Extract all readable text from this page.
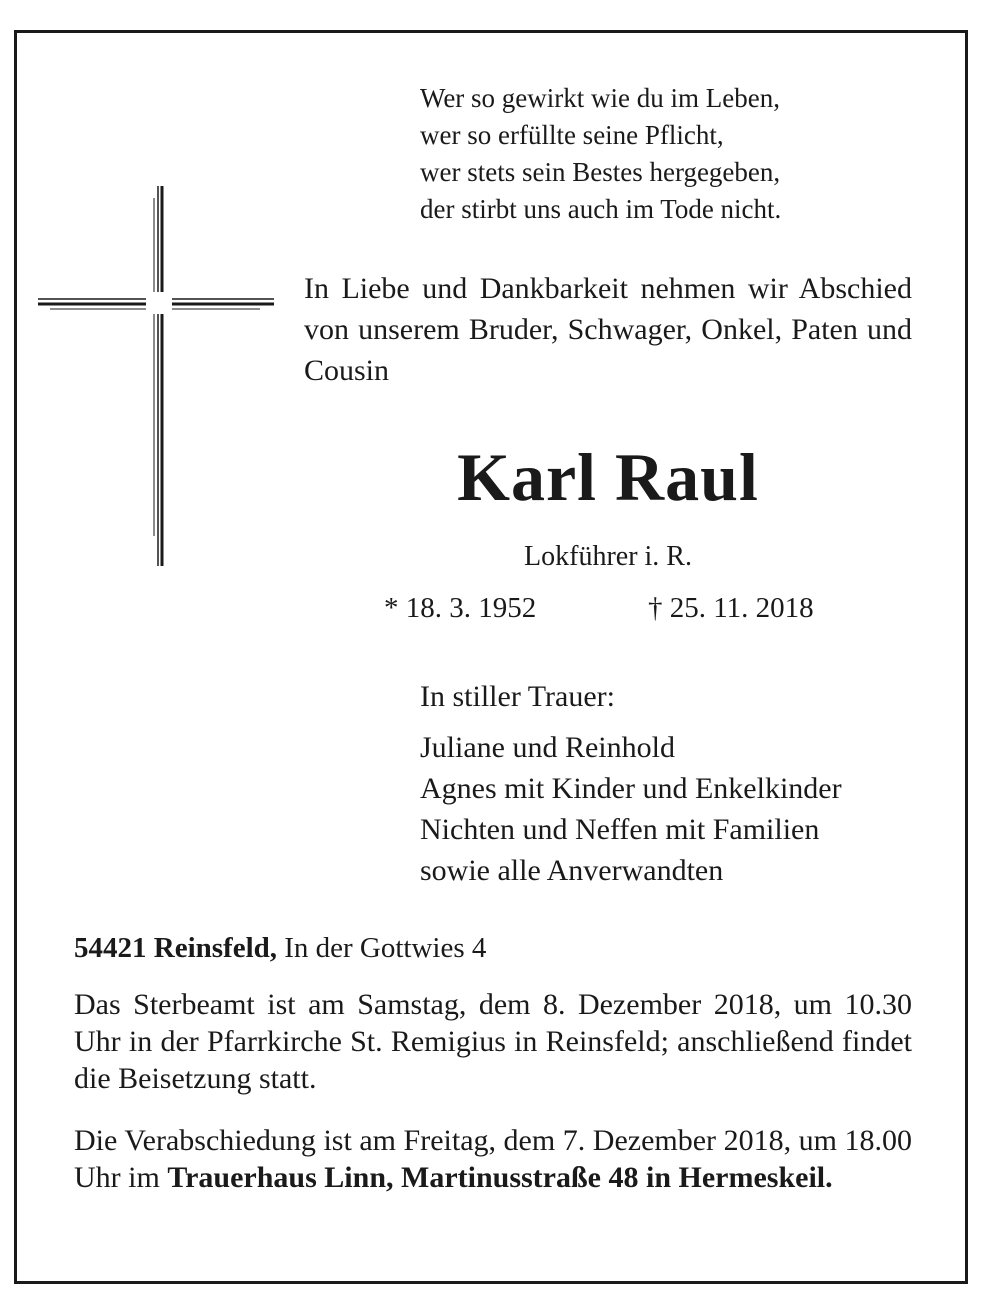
Wer so gewirkt wie du im Leben,
wer so erfüllte seine Pflicht,
wer stets sein Bestes hergegeben,
der stirbt uns auch im Tode nicht.
In Liebe und Dankbarkeit nehmen wir Abschied von unserem Bruder, Schwager, Onkel, Paten und Cousin
Karl Raul
Lokführer i. R.
* 18. 3. 1952	† 25. 11. 2018
In stiller Trauer:
Juliane und Reinhold
Agnes mit Kinder und Enkelkinder
Nichten und Neffen mit Familien
sowie alle Anverwandten
54421 Reinsfeld, In der Gottwies 4
Das Sterbeamt ist am Samstag, dem 8. Dezember 2018, um 10.30 Uhr in der Pfarrkirche St. Remigius in Reinsfeld; anschließend findet die Beisetzung statt.
Die Verabschiedung ist am Freitag, dem 7. Dezember 2018, um 18.00 Uhr im Trauerhaus Linn, Martinusstraße 48 in Hermeskeil.
